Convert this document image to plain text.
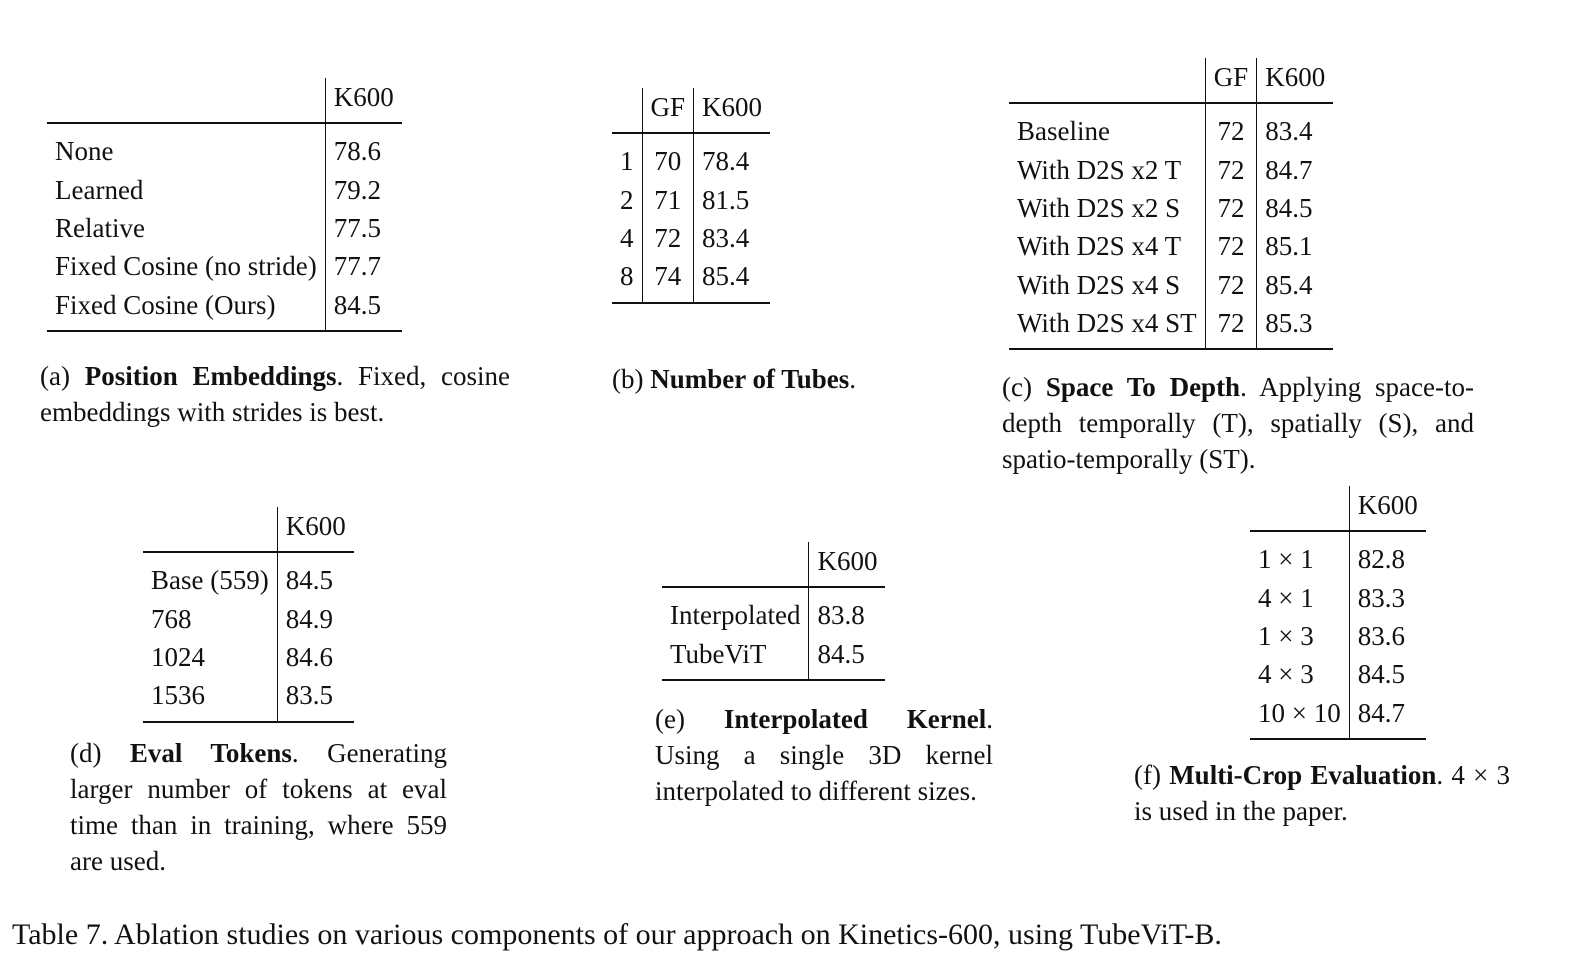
	K600
None	78.6
Learned	79.2
Relative	77.5
Fixed Cosine (no stride)	77.7
Fixed Cosine (Ours)	84.5
(a) Position Embeddings. Fixed, cosine embeddings with strides is best.
	GF	K600
1	70	78.4
2	71	81.5
4	72	83.4
8	74	85.4
(b) Number of Tubes.
	GF	K600
Baseline	72	83.4
With D2S x2 T	72	84.7
With D2S x2 S	72	84.5
With D2S x4 T	72	85.1
With D2S x4 S	72	85.4
With D2S x4 ST	72	85.3
(c) Space To Depth. Applying space-to-depth temporally (T), spatially (S), and spatio-temporally (ST).
	K600
Base (559)	84.5
768	84.9
1024	84.6
1536	83.5
(d) Eval Tokens. Generating larger number of tokens at eval time than in training, where 559 are used.
	K600
Interpolated	83.8
TubeViT	84.5
(e) Interpolated Kernel. Using a single 3D kernel interpolated to different sizes.
	K600
1 × 1	82.8
4 × 1	83.3
1 × 3	83.6
4 × 3	84.5
10 × 10	84.7
(f) Multi-Crop Evaluation. 4 × 3 is used in the paper.
Table 7. Ablation studies on various components of our approach on Kinetics-600, using TubeViT-B.
